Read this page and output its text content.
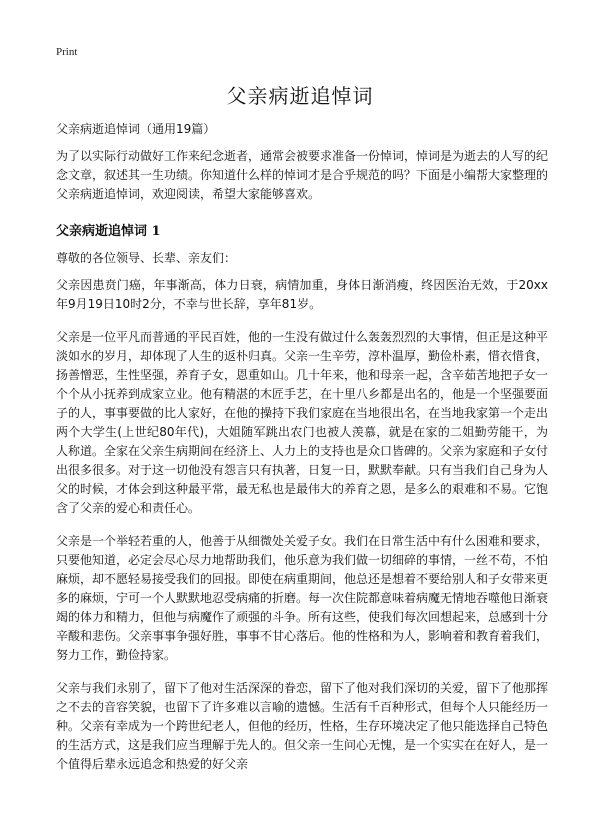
Print
父亲病逝追悼词

父亲病逝追悼词（通用19篇）

为了以实际行动做好工作来纪念逝者，通常会被要求准备一份悼词，悼词是为逝去的人写的纪念文章，叙述其一生功绩。你知道什么样的悼词才是合乎规范的吗？下面是小编帮大家整理的父亲病逝追悼词，欢迎阅读，希望大家能够喜欢。

父亲病逝追悼词 1

尊敬的各位领导、长辈、亲友们：

父亲因患贲门癌，年事渐高，体力日衰，病情加重，身体日渐消瘦，终因医治无效，于20xx年9月19日10时2分，不幸与世长辞，享年81岁。

父亲是一位平凡而普通的平民百姓，他的一生没有做过什么轰轰烈烈的大事情，但正是这种平淡如水的岁月，却体现了人生的返朴归真。父亲一生辛劳，淳朴温厚，勤俭朴素，惜衣惜食，扬善憎恶，生性坚强，养育子女，恩重如山。几十年来，他和母亲一起，含辛茹苦地把子女一个个从小抚养到成家立业。他有精湛的木匠手艺，在十里八乡都是出名的，他是一个坚强要面子的人，事事要做的比人家好，在他的操持下我们家庭在当地很出名，在当地我家第一个走出两个大学生(上世纪80年代)，大姐随军跳出农门也被人羡慕，就是在家的二姐勤劳能干，为人称道。全家在父亲生病期间在经济上、人力上的支持也是众口皆碑的。父亲为家庭和子女付出很多很多。对于这一切他没有怨言只有执著，日复一日，默默奉献。只有当我们自己身为人父的时候，才体会到这种最平常，最无私也是最伟大的养育之恩，是多么的艰难和不易。它饱含了父亲的爱心和责任心。

父亲是一个举轻若重的人，他善于从细微处关爱子女。我们在日常生活中有什么困难和要求，只要他知道，必定会尽心尽力地帮助我们，他乐意为我们做一切细碎的事情，一丝不苟，不怕麻烦，却不愿轻易接受我们的回报。即使在病重期间，他总还是想着不要给别人和子女带来更多的麻烦，宁可一个人默默地忍受病痛的折磨。每一次住院都意味着病魔无情地吞噬他日渐衰竭的体力和精力，但他与病魔作了顽强的斗争。所有这些，使我们每次回想起来，总感到十分辛酸和悲伤。父亲事事争强好胜，事事不甘心落后。他的性格和为人，影响着和教育着我们，努力工作，勤俭持家。

父亲与我们永别了，留下了他对生活深深的眷恋，留下了他对我们深切的关爱，留下了他那挥之不去的音容笑貌，也留下了许多难以言喻的遗憾。生活有千百种形式，但每个人只能经历一种。父亲有幸成为一个跨世纪老人，但他的经历，性格，生存环境决定了他只能选择自己特色的生活方式，这是我们应当理解于先人的。但父亲一生问心无愧，是一个实实在在好人，是一个值得后辈永远追念和热爱的好父亲
